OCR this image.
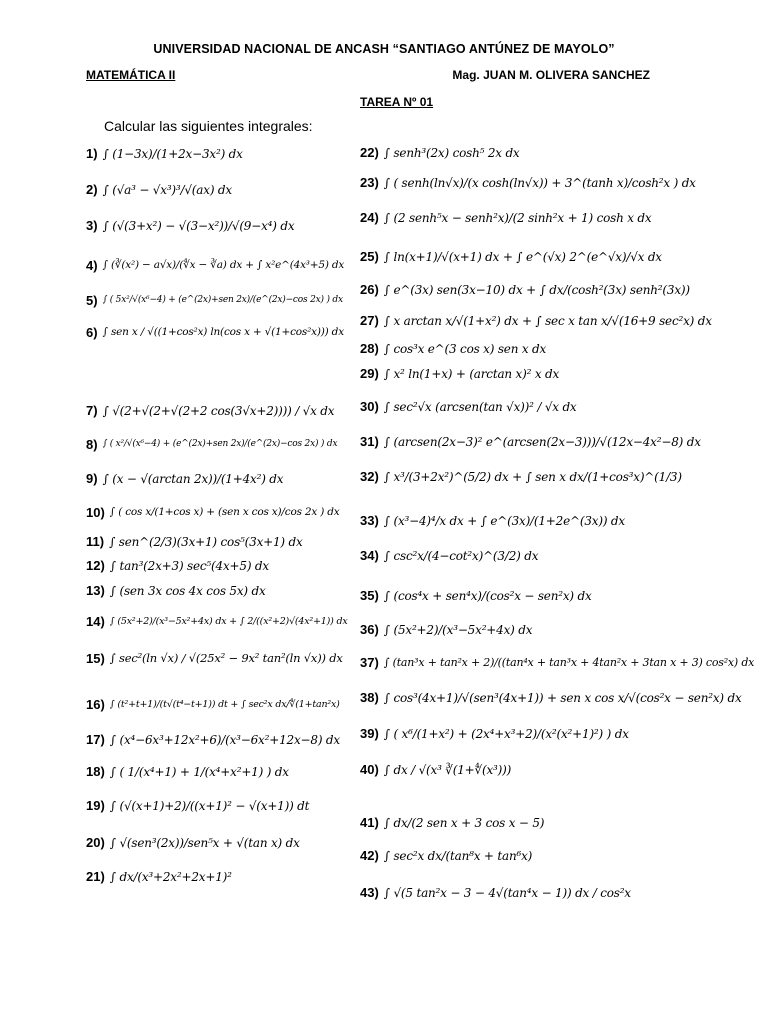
UNIVERSIDAD NACIONAL DE ANCASH “SANTIAGO ANTÚNEZ DE MAYOLO”
MATEMÁTICA II	Mag. JUAN M. OLIVERA SANCHEZ
TAREA Nº 01
Calcular las siguientes integrales:
1) ∫ (1−3x)/(1+2x−3x²) dx
2) ∫ (√a³ − √x³)³/√(ax) dx
3) ∫ (√(3+x²) − √(3−x²))/√(9−x⁴) dx
4) ∫ (∛(x²) − a√x)/(∜x − ∛a) dx + ∫ x²e^(4x³+5) dx
5) ∫ ( 5x²/√(x⁶−4) + (e^(2x)+sen 2x)/(e^(2x)−cos 2x) ) dx
6) ∫ sen x / √((1+cos²x) ln(cos x + √(1+cos²x))) dx
7) ∫ √(2+√(2+√(2+2 cos(3√x+2)))) / √x dx
8) ∫ ( x²/√(x⁶−4) + (e^(2x)+sen 2x)/(e^(2x)−cos 2x) ) dx
9) ∫ (x − √(arctan 2x))/(1+4x²) dx
10) ∫ ( cos x/(1+cos x) + (sen x cos x)/cos 2x ) dx
11) ∫ sen^(2/3)(3x+1) cos⁵(3x+1) dx
12) ∫ tan³(2x+3) sec⁵(4x+5) dx
13) ∫ (sen 3x cos 4x cos 5x) dx
14) ∫ (5x²+2)/(x³−5x²+4x) dx + ∫ 2/((x²+2)√(4x²+1)) dx
15) ∫ sec²(ln √x) / √(25x² − 9x² tan²(ln √x)) dx
16) ∫ (t²+t+1)/(t√(t⁴−t+1)) dt + ∫ sec²x dx/∜(1+tan²x)
17) ∫ (x⁴−6x³+12x²+6)/(x³−6x²+12x−8) dx
18) ∫ ( 1/(x⁴+1) + 1/(x⁴+x²+1) ) dx
19) ∫ (√(x+1)+2)/((x+1)² − √(x+1)) dt
20) ∫ √(sen³(2x))/sen⁵x + √(tan x) dx
21) ∫ dx/(x³+2x²+2x+1)²
22) ∫ senh³(2x) cosh⁵ 2x dx
23) ∫ ( senh(ln√x)/(x cosh(ln√x)) + 3^(tanh x)/cosh²x ) dx
24) ∫ (2 senh⁵x − senh²x)/(2 sinh²x + 1) cosh x dx
25) ∫ ln(x+1)/√(x+1) dx + ∫ e^(√x) 2^(e^√x)/√x dx
26) ∫ e^(3x) sen(3x−10) dx + ∫ dx/(cosh²(3x) senh²(3x))
27) ∫ x arctan x/√(1+x²) dx + ∫ sec x tan x/√(16+9 sec²x) dx
28) ∫ cos³x e^(3 cos x) sen x dx
29) ∫ x² ln(1+x) + (arctan x)² x dx
30) ∫ sec²√x (arcsen(tan √x))² / √x dx
31) ∫ (arcsen(2x−3)² e^(arcsen(2x−3)))/√(12x−4x²−8) dx
32) ∫ x³/(3+2x²)^(5/2) dx + ∫ sen x dx/(1+cos³x)^(1/3)
33) ∫ (x³−4)⁴/x dx + ∫ e^(3x)/(1+2e^(3x)) dx
34) ∫ csc²x/(4−cot²x)^(3/2) dx
35) ∫ (cos⁴x + sen⁴x)/(cos²x − sen²x) dx
36) ∫ (5x²+2)/(x³−5x²+4x) dx
37) ∫ (tan³x + tan²x + 2)/((tan⁴x + tan³x + 4tan²x + 3tan x + 3) cos²x) dx
38) ∫ cos³(4x+1)/√(sen³(4x+1)) + sen x cos x/√(cos²x − sen²x) dx
39) ∫ ( x⁶/(1+x²) + (2x⁴+x³+2)/(x²(x²+1)²) ) dx
40) ∫ dx / √(x³ ∛(1+∜(x³)))
41) ∫ dx/(2 sen x + 3 cos x − 5)
42) ∫ sec²x dx/(tan⁸x + tan⁶x)
43) ∫ √(5 tan²x − 3 − 4√(tan⁴x − 1)) dx / cos²x
